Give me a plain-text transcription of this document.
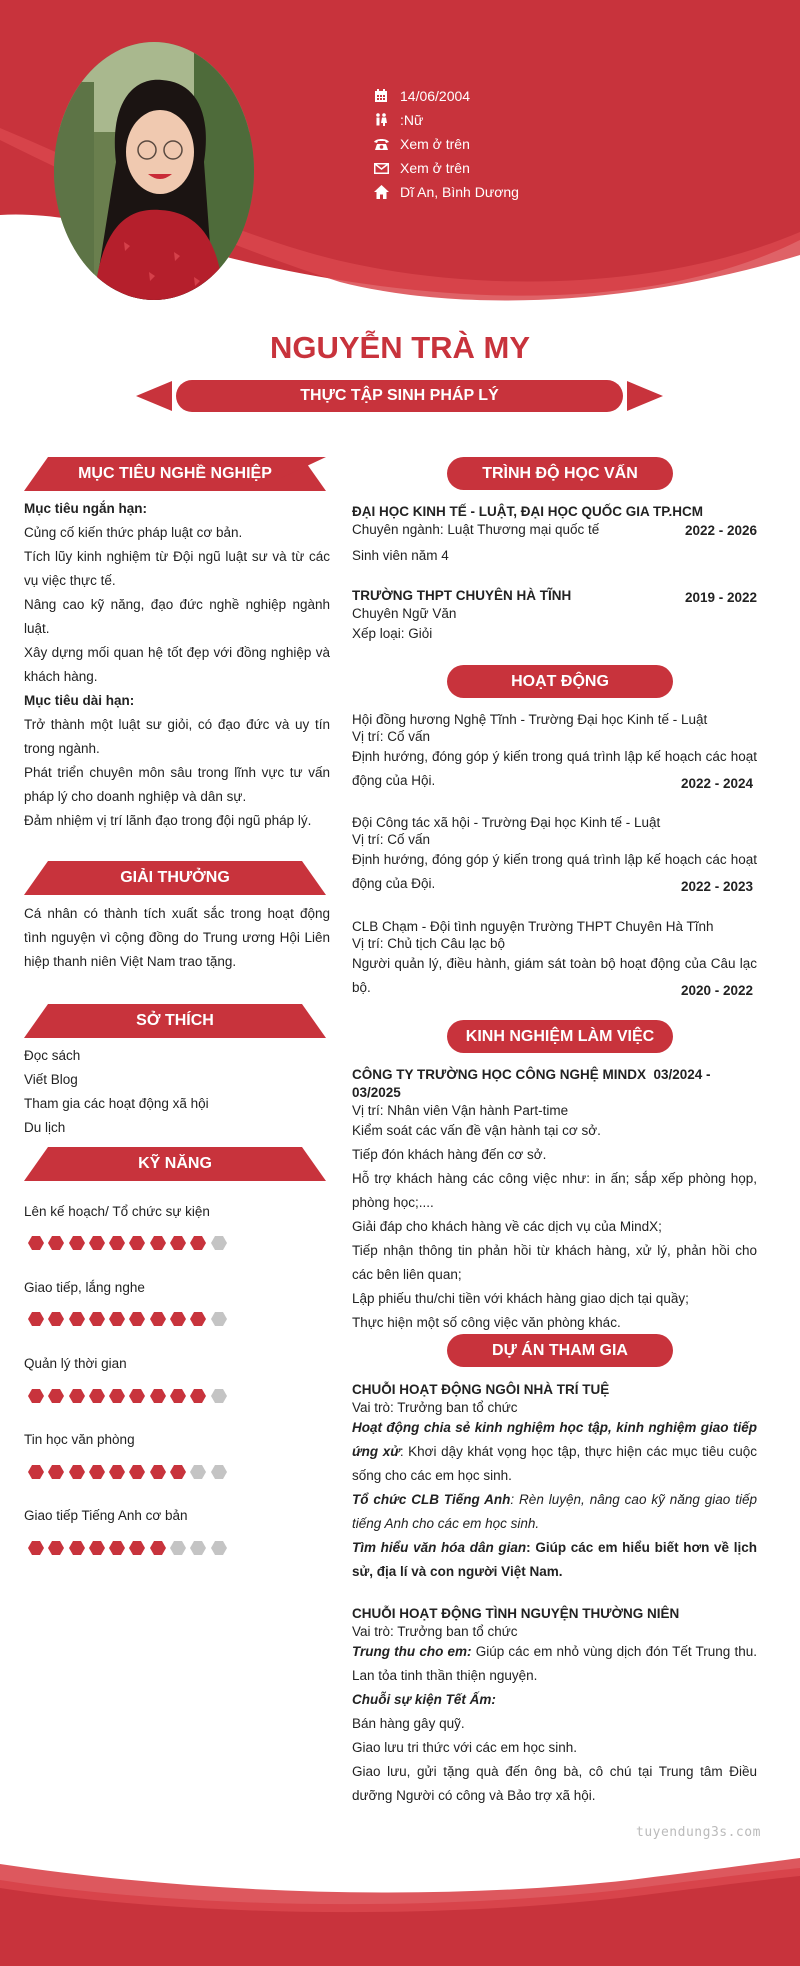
14/06/2004
:Nữ
Xem ở trên
Xem ở trên
Dĩ An, Bình Dương
NGUYỄN TRÀ MY
THỰC TẬP SINH PHÁP LÝ
MỤC TIÊU NGHỀ NGHIỆP
Mục tiêu ngắn hạn:

Củng cố kiến thức pháp luật cơ bản.

Tích lũy kinh nghiệm từ Đội ngũ luật sư và từ các vụ việc thực tế.

Nâng cao kỹ năng, đạo đức nghề nghiệp ngành luật.

Xây dựng mối quan hệ tốt đẹp với đồng nghiệp và khách hàng.

Mục tiêu dài hạn:

Trở thành một luật sư giỏi, có đạo đức và uy tín trong ngành.

Phát triển chuyên môn sâu trong lĩnh vực tư vấn pháp lý cho doanh nghiệp và dân sự.

Đảm nhiệm vị trí lãnh đạo trong đội ngũ pháp lý.

GIẢI THƯỞNG

Cá nhân có thành tích xuất sắc trong hoạt động tình nguyện vì cộng đồng do Trung ương Hội Liên hiệp thanh niên Việt Nam trao tặng.

SỞ THÍCH
Đọc sách
Viết Blog
Tham gia các hoạt động xã hội
Du lịch
KỸ NĂNG
Lên kế hoạch/ Tổ chức sự kiện
Giao tiếp, lắng nghe
Quản lý thời gian
Tin học văn phòng
Giao tiếp Tiếng Anh cơ bản
TRÌNH ĐỘ HỌC VẤN
ĐẠI HỌC KINH TẾ - LUẬT, ĐẠI HỌC QUỐC GIA TP.HCM
Chuyên ngành: Luật Thương mại quốc tế	2022 - 2026
Sinh viên năm 4
TRƯỜNG THPT CHUYÊN HÀ TĨNH	2019 - 2022
Chuyên Ngữ Văn
Xếp loại: Giỏi
HOẠT ĐỘNG
Hội đồng hương Nghệ Tĩnh - Trường Đại học Kinh tế - Luật
Vị trí: Cố vấn
Định hướng, đóng góp ý kiến trong quá trình lập kế hoạch các hoạt động của Hội.	2022 - 2024
Đội Công tác xã hội - Trường Đại học Kinh tế - Luật
Vị trí: Cố vấn
Định hướng, đóng góp ý kiến trong quá trình lập kế hoạch các hoạt động của Đội.	2022 - 2023
CLB Chạm - Đội tình nguyện Trường THPT Chuyên Hà Tĩnh
Vị trí: Chủ tịch Câu lạc bộ
Người quản lý, điều hành, giám sát toàn bộ hoạt động của Câu lạc bộ.	2020 - 2022
KINH NGHIỆM LÀM VIỆC
CÔNG TY TRƯỜNG HỌC CÔNG NGHỆ MINDX 03/2024 - 03/2025
Vị trí: Nhân viên Vận hành Part-time
Kiểm soát các vấn đề vận hành tại cơ sở.
Tiếp đón khách hàng đến cơ sở.
Hỗ trợ khách hàng các công việc như: in ấn; sắp xếp phòng họp, phòng học;....
Giải đáp cho khách hàng về các dịch vụ của MindX;
Tiếp nhận thông tin phản hồi từ khách hàng, xử lý, phản hồi cho các bên liên quan;
Lập phiếu thu/chi tiền với khách hàng giao dịch tại quầy;
Thực hiện một số công việc văn phòng khác.
DỰ ÁN THAM GIA
CHUỖI HOẠT ĐỘNG NGÔI NHÀ TRÍ TUỆ
Vai trò: Trưởng ban tổ chức
Hoạt động chia sẻ kinh nghiệm học tập, kinh nghiệm giao tiếp ứng xử: Khơi dậy khát vọng học tập, thực hiện các mục tiêu cuộc sống cho các em học sinh.
Tổ chức CLB Tiếng Anh: Rèn luyện, nâng cao kỹ năng giao tiếp tiếng Anh cho các em học sinh.
Tìm hiểu văn hóa dân gian: Giúp các em hiểu biết hơn về lịch sử, địa lí và con người Việt Nam.
CHUỖI HOẠT ĐỘNG TÌNH NGUYỆN THƯỜNG NIÊN
Vai trò: Trưởng ban tổ chức
Trung thu cho em: Giúp các em nhỏ vùng dịch đón Tết Trung thu. Lan tỏa tinh thần thiện nguyện.
Chuỗi sự kiện Tết Ấm:
Bán hàng gây quỹ.
Giao lưu tri thức với các em học sinh.
Giao lưu, gửi tặng quà đến ông bà, cô chú tại Trung tâm Điều dưỡng Người có công và Bảo trợ xã hội.
tuyendung3s.com
